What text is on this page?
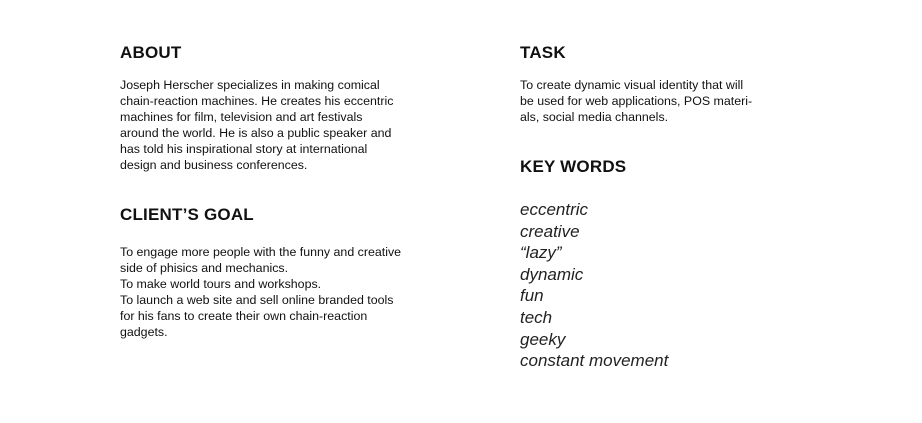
ABOUT

Joseph Herscher specializes in making comical
chain-reaction machines. He creates his eccentric
machines for film, television and art festivals
around the world. He is also a public speaker and
has told his inspirational story at international
design and business conferences.

CLIENT’S GOAL

To engage more people with the funny and creative
side of phisics and mechanics.
To make world tours and workshops.
To launch a web site and sell online branded tools
for his fans to create their own chain-reaction
gadgets.

TASK

To create dynamic visual identity that will
be used for web applications, POS materi-
als, social media channels.

KEY WORDS
eccentric
creative
“lazy”
dynamic
fun
tech
geeky
constant movement
